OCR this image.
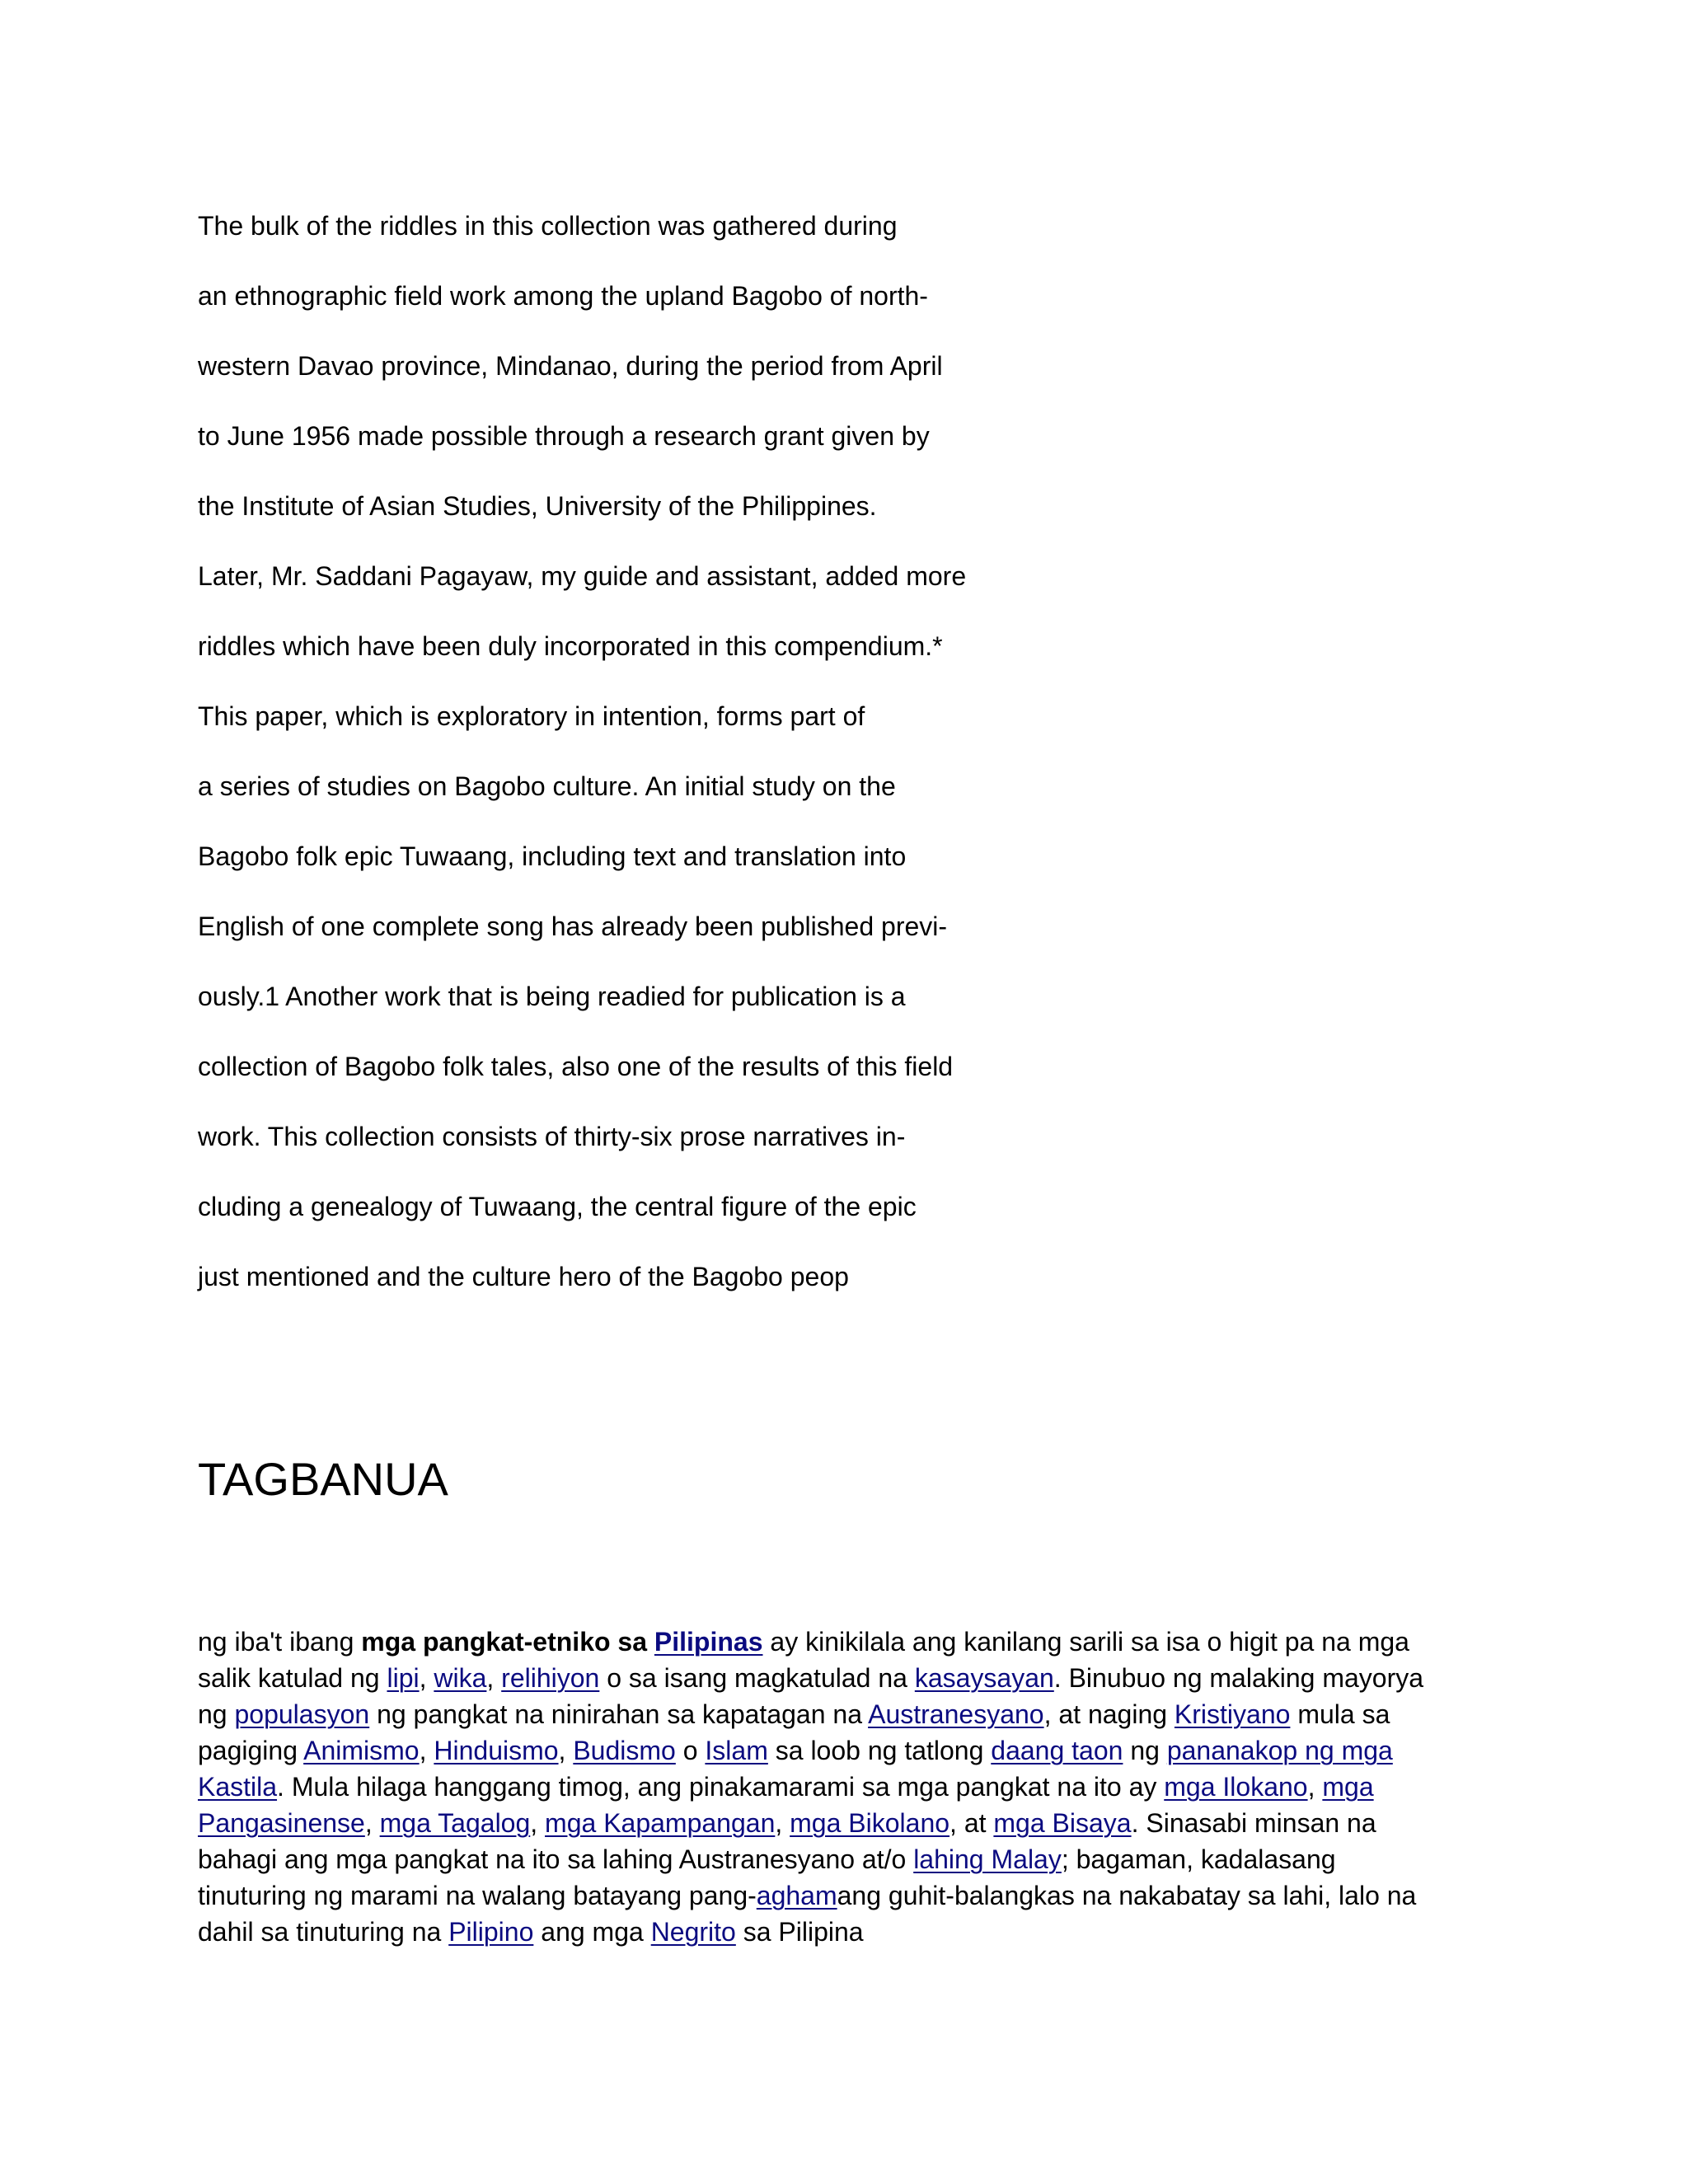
The bulk of the riddles in this collection was gathered during
an ethnographic field work among the upland Bagobo of north-
western Davao province, Mindanao, during the period from April
to June 1956 made possible through a research grant given by
the Institute of Asian Studies, University of the Philippines.
Later, Mr. Saddani Pagayaw, my guide and assistant, added more
riddles which have been duly incorporated in this compendium.*
This paper, which is exploratory in intention, forms part of
a series of studies on Bagobo culture. An initial study on the
Bagobo folk epic Tuwaang, including text and translation into
English of one complete song has already been published previ-
ously.1 Another work that is being readied for publication is a
collection of Bagobo folk tales, also one of the results of this field
work. This collection consists of thirty-six prose narratives in-
cluding a genealogy of Tuwaang, the central figure of the epic
just mentioned and the culture hero of the Bagobo peop
TAGBANUA
ng iba't ibang mga pangkat-etniko sa Pilipinas ay kinikilala ang kanilang sarili sa isa o higit pa na mga
salik katulad ng lipi, wika, relihiyon o sa isang magkatulad na kasaysayan. Binubuo ng malaking mayorya
ng populasyon ng pangkat na ninirahan sa kapatagan na Austranesyano, at naging Kristiyano mula sa
pagiging Animismo, Hinduismo, Budismo o Islam sa loob ng tatlong daang taon ng pananakop ng mga
Kastila. Mula hilaga hanggang timog, ang pinakamarami sa mga pangkat na ito ay mga Ilokano, mga
Pangasinense, mga Tagalog, mga Kapampangan, mga Bikolano, at mga Bisaya. Sinasabi minsan na
bahagi ang mga pangkat na ito sa lahing Austranesyano at/o lahing Malay; bagaman, kadalasang
tinuturing ng marami na walang batayang pang-aghamang guhit-balangkas na nakabatay sa lahi, lalo na
dahil sa tinuturing na Pilipino ang mga Negrito sa Pilipina
